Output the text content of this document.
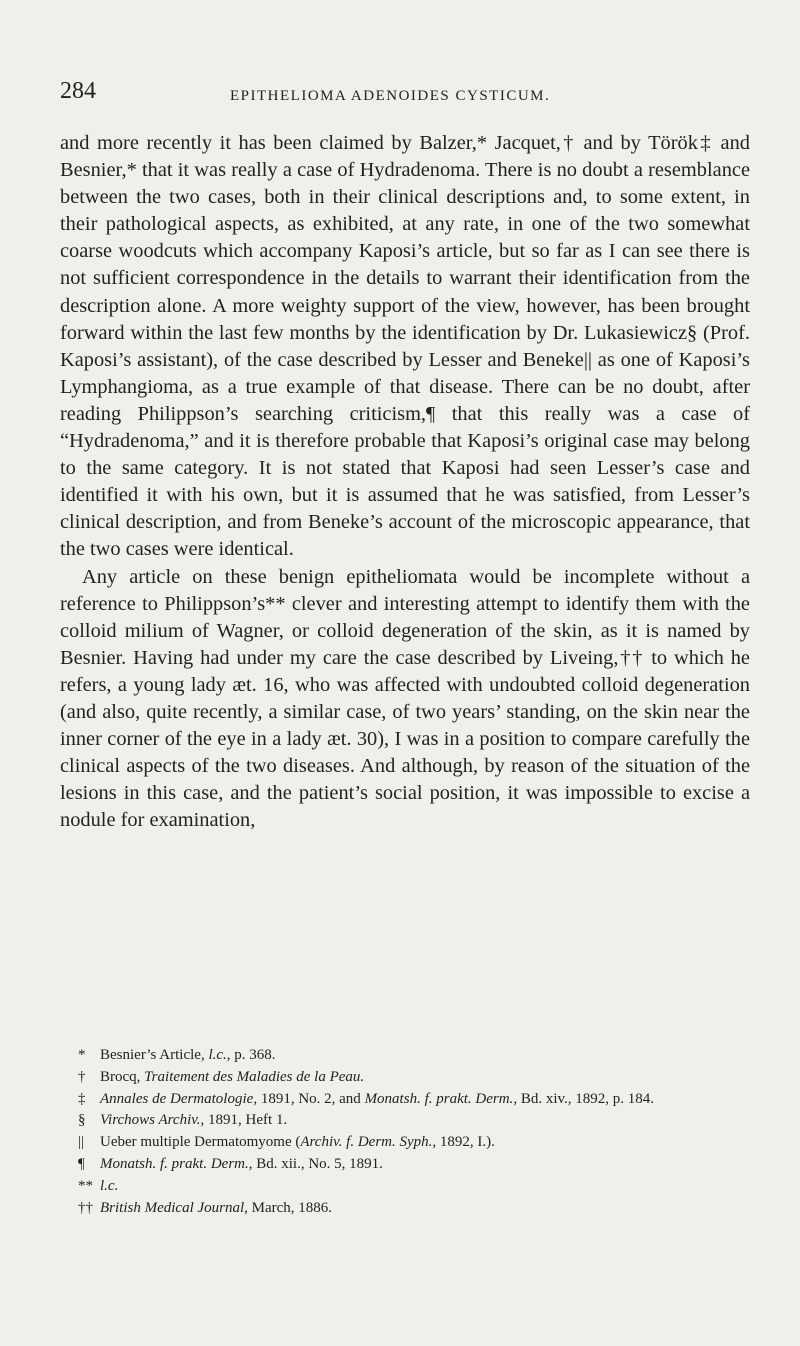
284	EPITHELIOMA ADENOIDES CYSTICUM.

and more recently it has been claimed by Balzer,* Jacquet,† and by Török‡ and Besnier,* that it was really a case of Hydradenoma. There is no doubt a resemblance between the two cases, both in their clinical descriptions and, to some extent, in their pathological aspects, as exhibited, at any rate, in one of the two somewhat coarse woodcuts which accompany Kaposi’s article, but so far as I can see there is not sufficient correspondence in the details to warrant their identification from the description alone. A more weighty support of the view, however, has been brought forward within the last few months by the identification by Dr. Lukasiewicz§ (Prof. Kaposi’s assistant), of the case described by Lesser and Beneke|| as one of Kaposi’s Lymphangioma, as a true example of that disease. There can be no doubt, after reading Philippson’s searching criticism,¶ that this really was a case of “Hydradenoma,” and it is therefore probable that Kaposi’s original case may belong to the same category. It is not stated that Kaposi had seen Lesser’s case and identified it with his own, but it is assumed that he was satisfied, from Lesser’s clinical description, and from Beneke’s account of the microscopic appearance, that the two cases were identical.

Any article on these benign epitheliomata would be incomplete without a reference to Philippson’s** clever and interesting attempt to identify them with the colloid milium of Wagner, or colloid degeneration of the skin, as it is named by Besnier. Having had under my care the case described by Liveing,†† to which he refers, a young lady æt. 16, who was affected with undoubted colloid degeneration (and also, quite recently, a similar case, of two years’ standing, on the skin near the inner corner of the eye in a lady æt. 30), I was in a position to compare carefully the clinical aspects of the two diseases. And although, by reason of the situation of the lesions in this case, and the patient’s social position, it was impossible to excise a nodule for examination,

* Besnier’s Article, l.c., p. 368.

† Brocq, Traitement des Maladies de la Peau.

‡ Annales de Dermatologie, 1891, No. 2, and Monatsh. f. prakt. Derm., Bd. xiv., 1892, p. 184.

§ Virchows Archiv., 1891, Heft 1.

|| Ueber multiple Dermatomyome (Archiv. f. Derm. Syph., 1892, I.).

¶ Monatsh. f. prakt. Derm., Bd. xii., No. 5, 1891.

** l.c.

†† British Medical Journal, March, 1886.
